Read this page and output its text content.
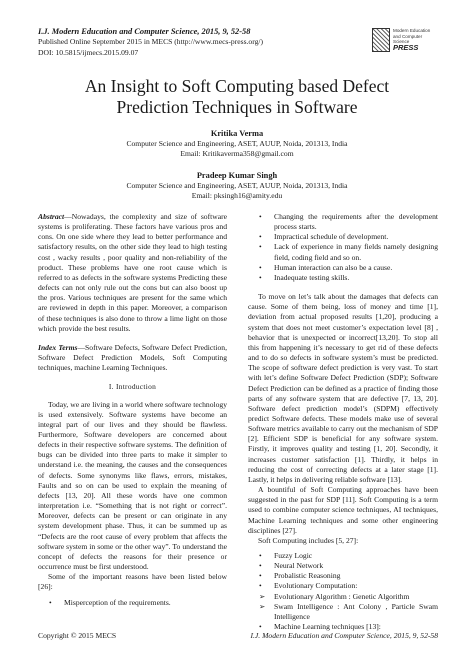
I.J. Modern Education and Computer Science, 2015, 9, 52-58
Published Online September 2015 in MECS (http://www.mecs-press.org/)
DOI: 10.5815/ijmecs.2015.09.07
Modern Education
and Computer Science
PRESS
An Insight to Soft Computing based Defect
Prediction Techniques in Software
Kritika Verma
Computer Science and Engineering, ASET, AUUP, Noida, 201313, India
Email: Kritikaverma358@gmail.com
Pradeep Kumar Singh
Computer Science and Engineering, ASET, AUUP, Noida, 201313, India
Email: pksingh16@amity.edu

Abstract—Nowadays, the complexity and size of software systems is proliferating. These factors have various pros and cons. On one side where they lead to better performance and satisfactory results, on the other side they lead to high testing cost , wacky results , poor quality and non-reliability of the product. These problems have one root cause which is referred to as defects in the software systems Predicting these defects can not only rule out the cons but can also boost up the pros. Various techniques are present for the same which are reviewed in depth in this paper. Moreover, a comparison of these techniques is also done to throw a lime light on those which provide the best results.

Index Terms—Software Defects, Software Defect Prediction, Software Defect Prediction Models, Soft Computing techniques, machine Learning Techniques.

I. Introduction

Today, we are living in a world where software technology is used extensively. Software systems have become an integral part of our lives and they should be flawless. Furthermore, Software developers are concerned about defects in their respective software systems. The definition of bugs can be divided into three parts to make it simpler to understand i.e. the meaning, the causes and the consequences of defects. Some synonyms like flaws, errors, mistakes, Faults and so on can be used to explain the meaning of defects [13, 20]. All these words have one common interpretation i.e. “Something that is not right or correct”. Moreover, defects can be present or can originate in any system development phase. Thus, it can be summed up as “Defects are the root cause of every problem that affects the software system in some or the other way”. To understand the concept of defects the reasons for their presence or occurrence must be first understood.

Some of the important reasons have been listed below [26]:

• Misperception of the requirements.
• Changing the requirements after the development process starts.
• Impractical schedule of development.
• Lack of experience in many fields namely designing field, coding field and so on.
• Human interaction can also be a cause.
• Inadequate testing skills.

To move on let’s talk about the damages that defects can cause. Some of them being, loss of money and time [1], deviation from actual proposed results [1,20], producing a system that does not meet customer’s expectation level [8] , behavior that is unexpected or incorrect[13,20]. To stop all this from happening it’s necessary to get rid of these defects and to do so defects in software system’s must be predicted. The scope of software defect prediction is very vast. To start with let’s define Software Defect Prediction (SDP); Software Defect Prediction can be defined as a practice of finding those parts of any software system that are defective [7, 13, 20]. Software defect prediction model’s (SDPM) effectively predict Software defects. These models make use of several Software metrics available to carry out the mechanism of SDP [2]. Efficient SDP is beneficial for any software system. Firstly, it improves quality and testing [1, 20]. Secondly, it increases customer satisfaction [1]. Thirdly, it helps in reducing the cost of correcting defects at a later stage [1]. Lastly, it helps in delivering reliable software [13].

A bountiful of Soft Computing approaches have been suggested in the past for SDP [11]. Soft Computing is a term used to combine computer science techniques, AI techniques, Machine Learning techniques and some other engineering disciplines [27].

Soft Computing includes [5, 27]:

• Fuzzy Logic
• Neural Network
• Probalistic Reasoning
• Evolutionary Computation:
➢ Evolutionary Algorithm : Genetic Algorithm
➢ Swam Intelligence : Ant Colony , Particle Swam Intelligence
• Machine Learning techniques [13]:
Copyright © 2015 MECS	I.J. Modern Education and Computer Science, 2015, 9, 52-58
